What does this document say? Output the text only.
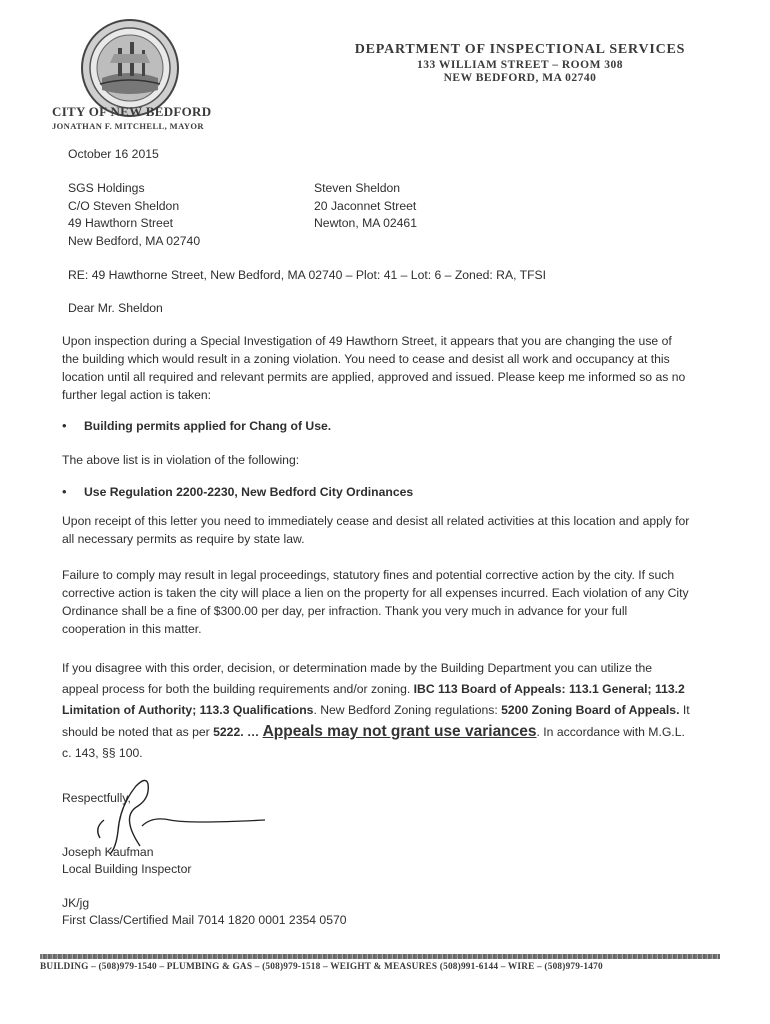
DEPARTMENT OF INSPECTIONAL SERVICES
133 WILLIAM STREET – ROOM 308
NEW BEDFORD, MA 02740
CITY OF NEW BEDFORD
JONATHAN F. MITCHELL, MAYOR
October 16 2015
SGS Holdings
C/O Steven Sheldon
49 Hawthorn Street
New Bedford, MA 02740
Steven Sheldon
20 Jaconnet Street
Newton, MA 02461
RE: 49 Hawthorne Street, New Bedford, MA 02740 – Plot: 41 – Lot: 6 – Zoned: RA, TFSI
Dear Mr. Sheldon
Upon inspection during a Special Investigation of 49 Hawthorn Street, it appears that you are changing the use of the building which would result in a zoning violation. You need to cease and desist all work and occupancy at this location until all required and relevant permits are applied, approved and issued. Please keep me informed so as no further legal action is taken:
• Building permits applied for Chang of Use.
The above list is in violation of the following:
• Use Regulation 2200-2230, New Bedford City Ordinances
Upon receipt of this letter you need to immediately cease and desist all related activities at this location and apply for all necessary permits as require by state law.
Failure to comply may result in legal proceedings, statutory fines and potential corrective action by the city. If such corrective action is taken the city will place a lien on the property for all expenses incurred. Each violation of any City Ordinance shall be a fine of $300.00 per day, per infraction. Thank you very much in advance for your full cooperation in this matter.
If you disagree with this order, decision, or determination made by the Building Department you can utilize the appeal process for both the building requirements and/or zoning. IBC 113 Board of Appeals: 113.1 General; 113.2 Limitation of Authority; 113.3 Qualifications. New Bedford Zoning regulations: 5200 Zoning Board of Appeals. It should be noted that as per 5222. … Appeals may not grant use variances. In accordance with M.G.L. c. 143, §§ 100.
Respectfully,
Joseph Kaufman
Local Building Inspector
JK/jg
First Class/Certified Mail 7014 1820 0001 2354 0570
BUILDING – (508)979-1540 – PLUMBING & GAS – (508)979-1518 – WEIGHT & MEASURES (508)991-6144 – WIRE – (508)979-1470
